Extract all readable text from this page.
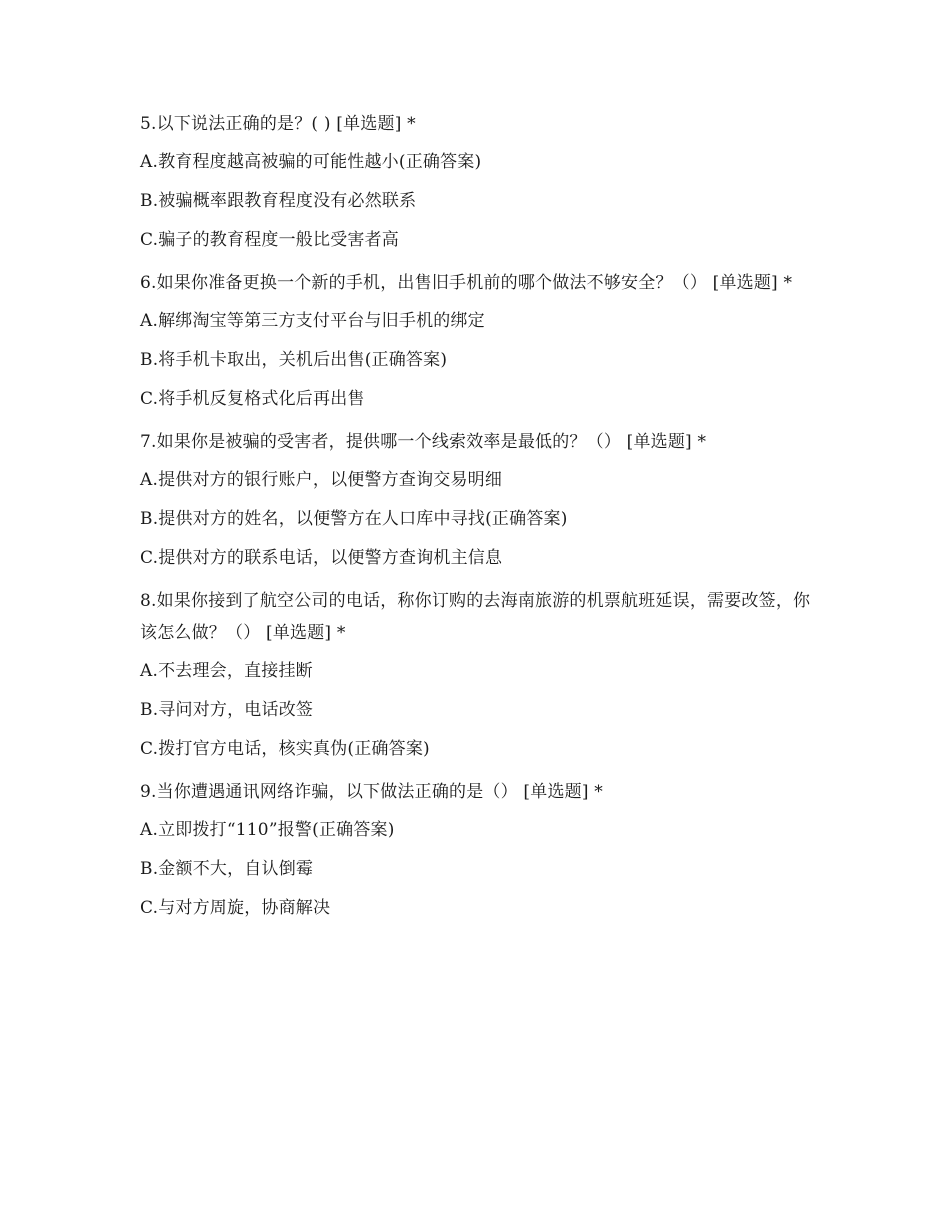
5.以下说法正确的是？( ) [单选题] *
A.教育程度越高被骗的可能性越小(正确答案)
B.被骗概率跟教育程度没有必然联系
C.骗子的教育程度一般比受害者高
6.如果你准备更换一个新的手机，出售旧手机前的哪个做法不够安全？（） [单选题] *
A.解绑淘宝等第三方支付平台与旧手机的绑定
B.将手机卡取出，关机后出售(正确答案)
C.将手机反复格式化后再出售
7.如果你是被骗的受害者，提供哪一个线索效率是最低的？（） [单选题] *
A.提供对方的银行账户，以便警方查询交易明细
B.提供对方的姓名，以便警方在人口库中寻找(正确答案)
C.提供对方的联系电话，以便警方查询机主信息
8.如果你接到了航空公司的电话，称你订购的去海南旅游的机票航班延误，需要改签，你该怎么做？（） [单选题] *
A.不去理会，直接挂断
B.寻问对方，电话改签
C.拨打官方电话，核实真伪(正确答案)
9.当你遭遇通讯网络诈骗，以下做法正确的是（） [单选题] *
A.立即拨打“110”报警(正确答案)
B.金额不大，自认倒霉
C.与对方周旋，协商解决
